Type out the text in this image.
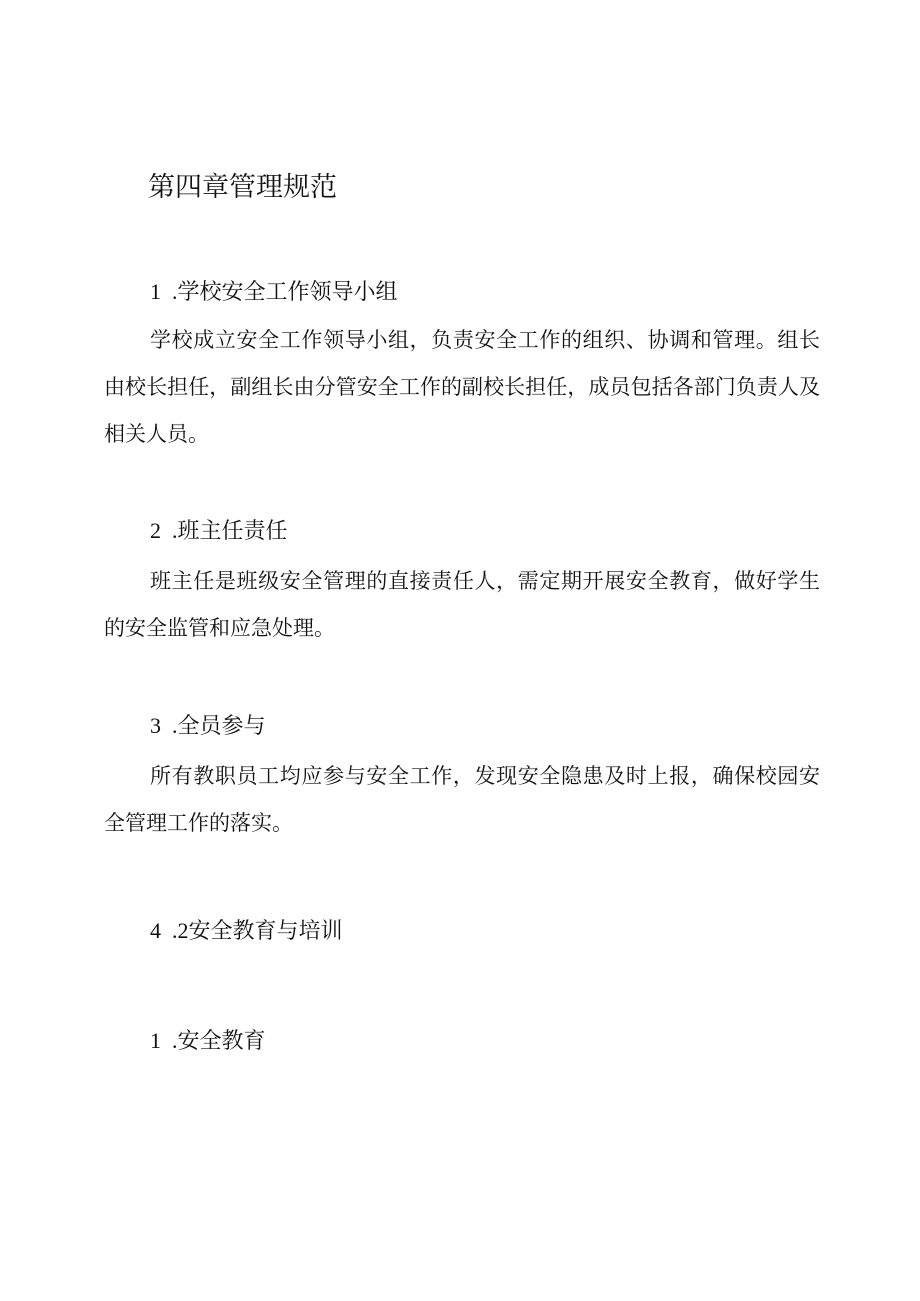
第四章管理规范
1 .学校安全工作领导小组

学校成立安全工作领导小组，负责安全工作的组织、协调和管理。组长由校长担任，副组长由分管安全工作的副校长担任，成员包括各部门负责人及相关人员。

2 .班主任责任

班主任是班级安全管理的直接责任人，需定期开展安全教育，做好学生的安全监管和应急处理。

3 .全员参与

所有教职员工均应参与安全工作，发现安全隐患及时上报，确保校园安全管理工作的落实。

4 .2安全教育与培训
1 .安全教育
